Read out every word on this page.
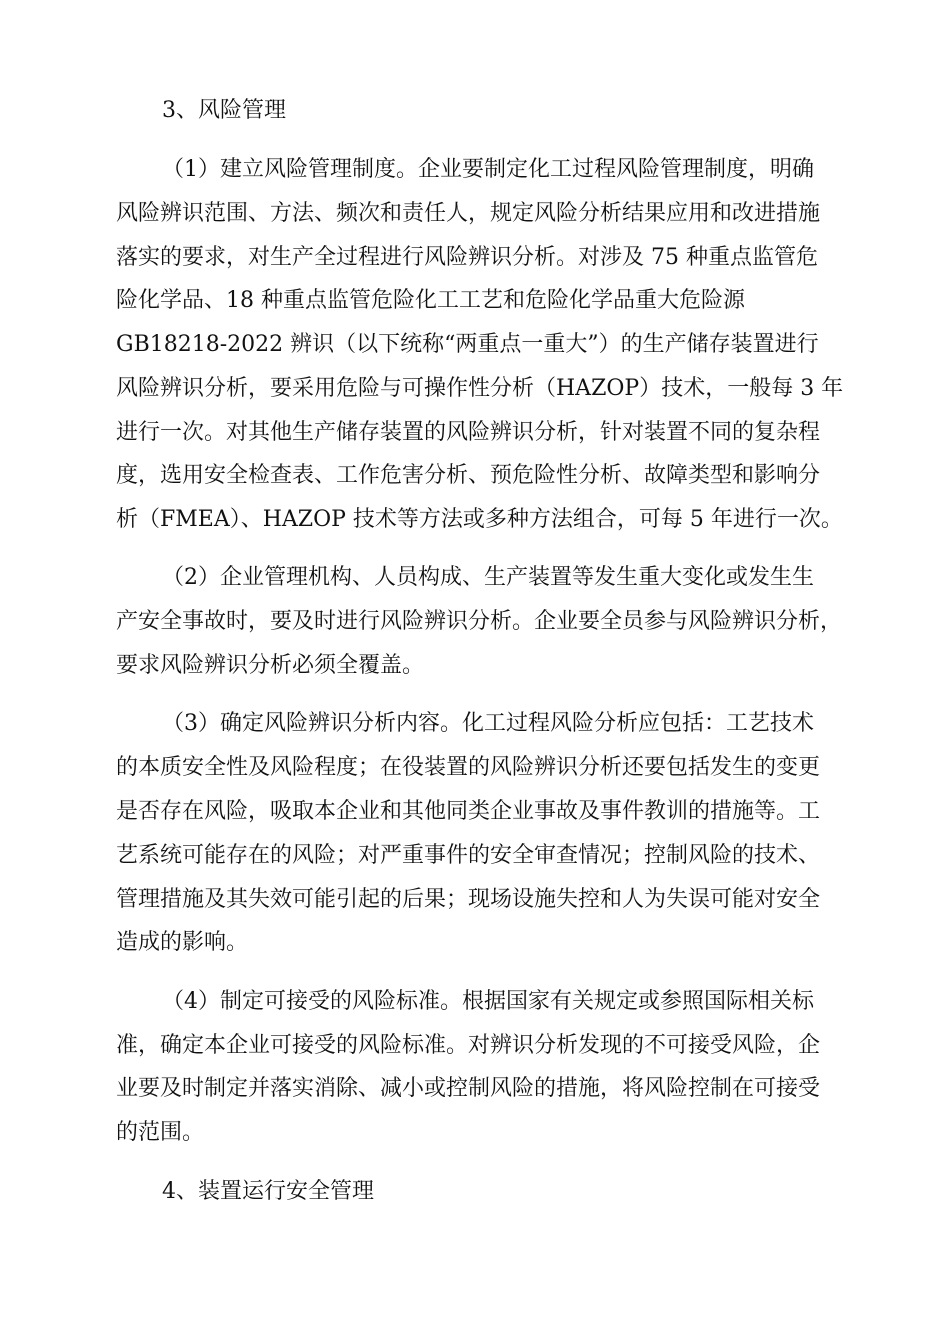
3、风险管理
（1）建立风险管理制度。企业要制定化工过程风险管理制度，明确
风险辨识范围、方法、频次和责任人，规定风险分析结果应用和改进措施
落实的要求，对生产全过程进行风险辨识分析。对涉及 75 种重点监管危
险化学品、18 种重点监管危险化工工艺和危险化学品重大危险源
GB18218-2022 辨识（以下统称“两重点一重大”）的生产储存装置进行
风险辨识分析，要采用危险与可操作性分析（HAZOP）技术，一般每 3 年
进行一次。对其他生产储存装置的风险辨识分析，针对装置不同的复杂程
度，选用安全检查表、工作危害分析、预危险性分析、故障类型和影响分
析（FMEA）、HAZOP 技术等方法或多种方法组合，可每 5 年进行一次。
（2）企业管理机构、人员构成、生产装置等发生重大变化或发生生
产安全事故时，要及时进行风险辨识分析。企业要全员参与风险辨识分析，
要求风险辨识分析必须全覆盖。
（3）确定风险辨识分析内容。化工过程风险分析应包括：工艺技术
的本质安全性及风险程度；在役装置的风险辨识分析还要包括发生的变更
是否存在风险，吸取本企业和其他同类企业事故及事件教训的措施等。工
艺系统可能存在的风险；对严重事件的安全审查情况；控制风险的技术、
管理措施及其失效可能引起的后果；现场设施失控和人为失误可能对安全
造成的影响。
（4）制定可接受的风险标准。根据国家有关规定或参照国际相关标
准，确定本企业可接受的风险标准。对辨识分析发现的不可接受风险，企
业要及时制定并落实消除、减小或控制风险的措施，将风险控制在可接受
的范围。
4、装置运行安全管理
